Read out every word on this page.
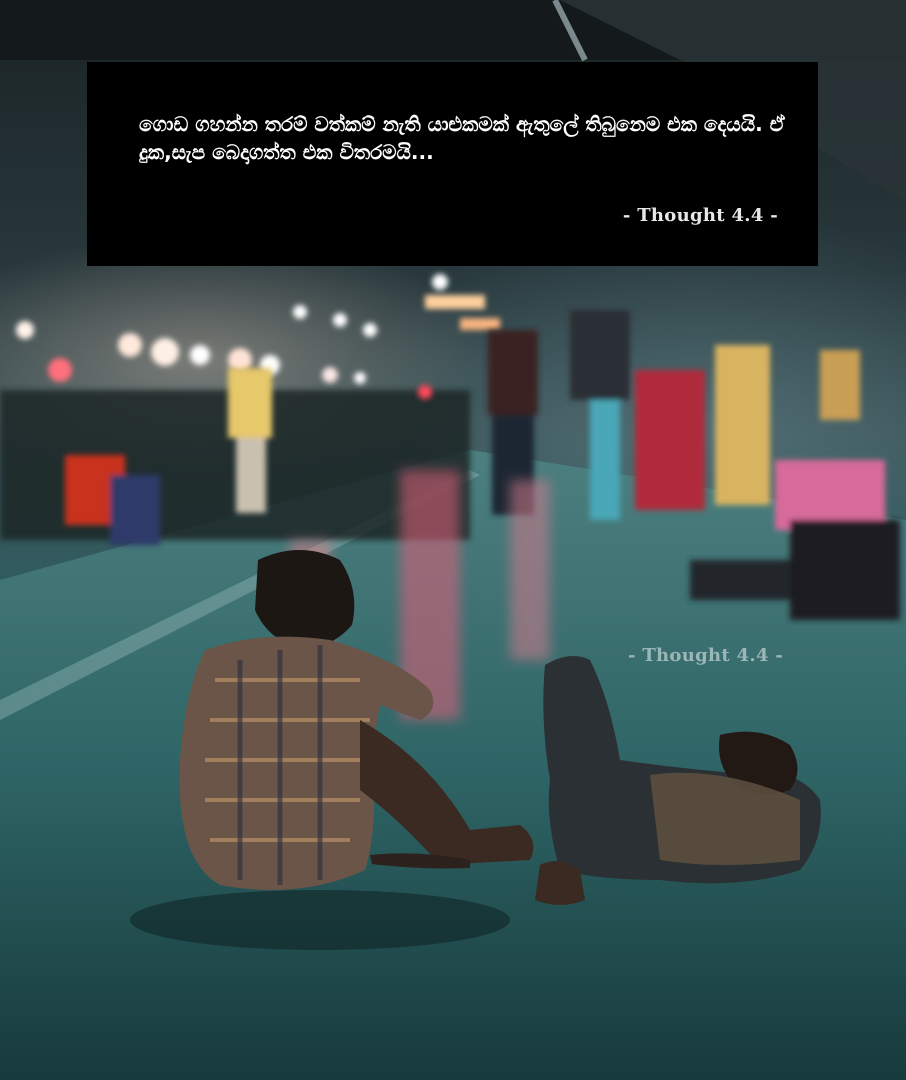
ගොඩ ගහන්න තරම් වත්කම් නැති යාළුකමක් ඇතුලේ තිබුනෙම එක දෙයයි. ඒ දුක,සැප බෙදාගත්ත එක විතරමයි...

- Thought 4.4 -
- Thought 4.4 -
